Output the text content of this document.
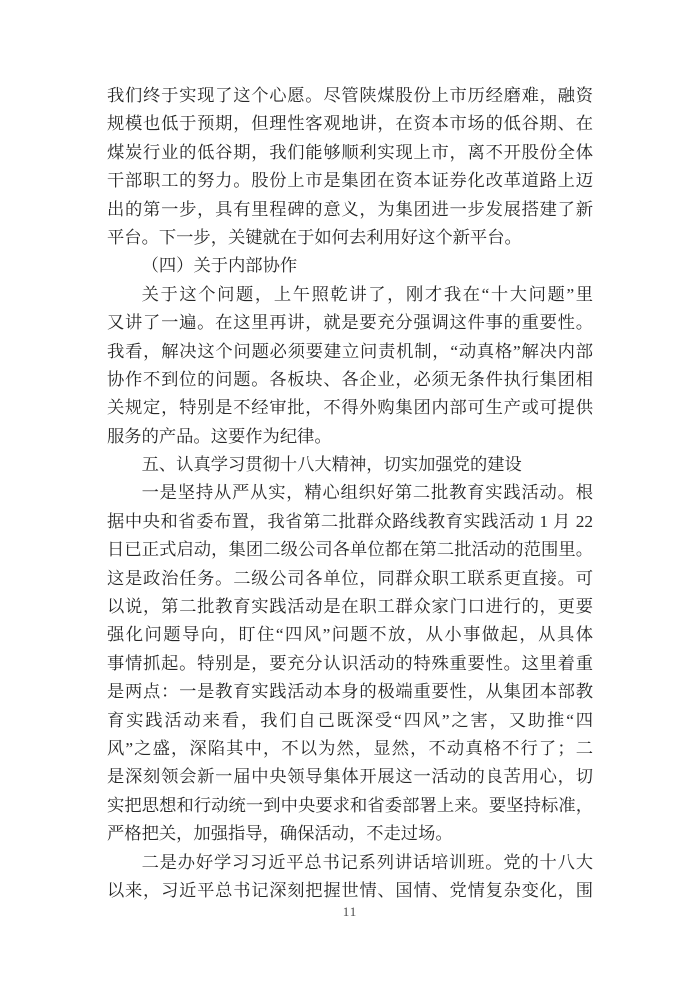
我们终于实现了这个心愿。尽管陕煤股份上市历经磨难，融资
规模也低于预期，但理性客观地讲，在资本市场的低谷期、在
煤炭行业的低谷期，我们能够顺利实现上市，离不开股份全体
干部职工的努力。股份上市是集团在资本证券化改革道路上迈
出的第一步，具有里程碑的意义，为集团进一步发展搭建了新
平台。下一步，关键就在于如何去利用好这个新平台。
（四）关于内部协作
关于这个问题，上午照乾讲了，刚才我在“十大问题”里
又讲了一遍。在这里再讲，就是要充分强调这件事的重要性。
我看，解决这个问题必须要建立问责机制，“动真格”解决内部
协作不到位的问题。各板块、各企业，必须无条件执行集团相
关规定，特别是不经审批，不得外购集团内部可生产或可提供
服务的产品。这要作为纪律。
五、认真学习贯彻十八大精神，切实加强党的建设
一是坚持从严从实，精心组织好第二批教育实践活动。根
据中央和省委布置，我省第二批群众路线教育实践活动 1 月 22
日已正式启动，集团二级公司各单位都在第二批活动的范围里。
这是政治任务。二级公司各单位，同群众职工联系更直接。可
以说，第二批教育实践活动是在职工群众家门口进行的，更要
强化问题导向，盯住“四风”问题不放，从小事做起，从具体
事情抓起。特别是，要充分认识活动的特殊重要性。这里着重
是两点：一是教育实践活动本身的极端重要性，从集团本部教
育实践活动来看，我们自己既深受“四风”之害，又助推“四
风”之盛，深陷其中，不以为然，显然，不动真格不行了；二
是深刻领会新一届中央领导集体开展这一活动的良苦用心，切
实把思想和行动统一到中央要求和省委部署上来。要坚持标准，
严格把关，加强指导，确保活动，不走过场。
二是办好学习习近平总书记系列讲话培训班。党的十八大
以来，习近平总书记深刻把握世情、国情、党情复杂变化，围
11
